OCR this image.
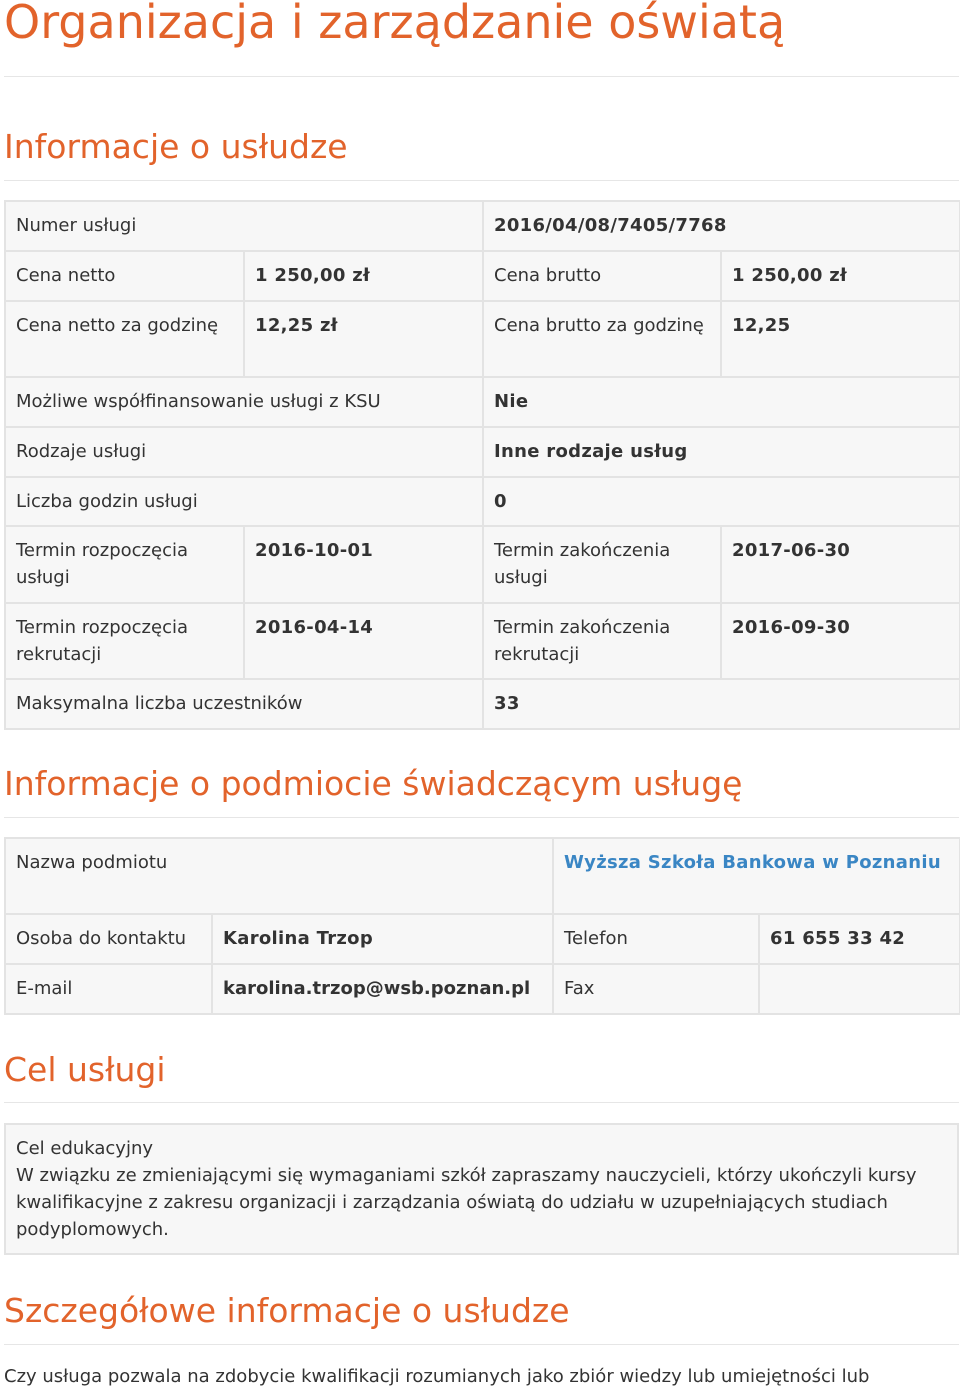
Organizacja i zarządzanie oświatą
Informacje o usłudze
Numer usługi		2016/04/08/7405/7768	
Cena netto	1 250,00 zł	Cena brutto	1 250,00 zł
Cena netto za godzinę	12,25 zł	Cena brutto za godzinę	12,25
Możliwe współfinansowanie usługi z KSU		Nie	
Rodzaje usługi		Inne rodzaje usług	
Liczba godzin usługi		0	
Termin rozpoczęcia usługi	2016-10-01	Termin zakończenia usługi	2017-06-30
Termin rozpoczęcia rekrutacji	2016-04-14	Termin zakończenia rekrutacji	2016-09-30
Maksymalna liczba uczestników		33	
Informacje o podmiocie świadczącym usługę
Nazwa podmiotu		Wyższa Szkoła Bankowa w Poznaniu	
Osoba do kontaktu	Karolina Trzop	Telefon	61 655 33 42
E-mail	karolina.trzop@wsb.poznan.pl	Fax	
Cel usługi
Cel edukacyjny
W związku ze zmieniającymi się wymaganiami szkół zapraszamy nauczycieli, którzy ukończyli kursy kwalifikacyjne z zakresu organizacji i zarządzania oświatą do udziału w uzupełniających studiach podyplomowych.
Szczegółowe informacje o usłudze
Czy usługa pozwala na zdobycie kwalifikacji rozumianych jako zbiór wiedzy lub umiejętności lub
